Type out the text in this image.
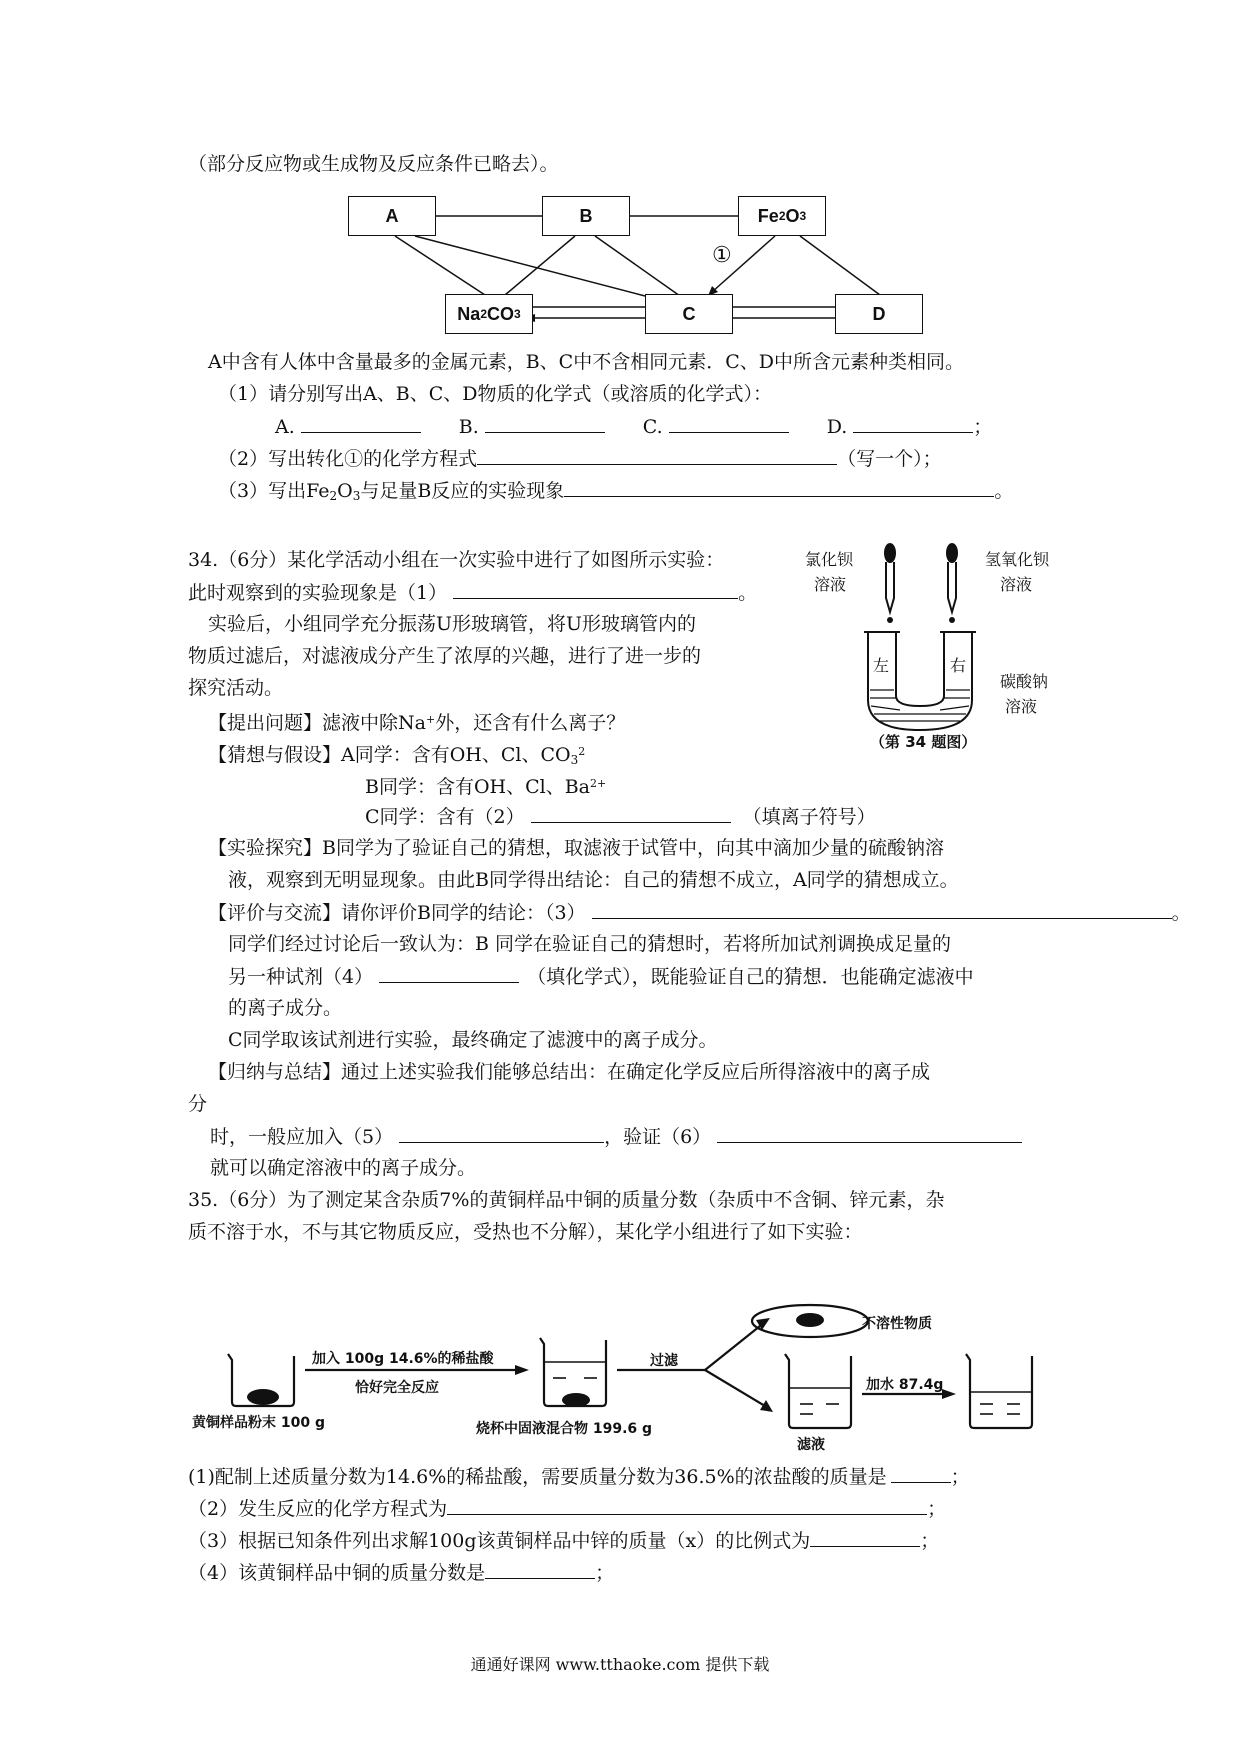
（部分反应物或生成物及反应条件已略去）。
A	B	Fe 2 O 3
Na 2 CO 3	C	D
①
A中含有人体中含量最多的金属元素，B、C中不含相同元素．C、D中所含元素种类相同。
（1）请分别写出A、B、C、D物质的化学式（或溶质的化学式）：
A.	B.	C.	D.	；
（2）写出转化①的化学方程式	（写一个）；
（3）写出$Fe_2O_3$与足量B反应的实验现象	。
34.（6分）某化学活动小组在一次实验中进行了如图所示实验：
此时观察到的实验现象是（1）	。
实验后，小组同学充分振荡U形玻璃管，将U形玻璃管内的
物质过滤后，对滤液成分产生了浓厚的兴趣，进行了进一步的
探究活动。
【提出问题】滤液中除Na+外，还含有什么离子？
【猜想与假设】A同学：含有OH、Cl、$CO_3^2$
B同学：含有OH、Cl、$Ba^{2+}$
C同学：含有（2）	（填离子符号）
【实验探究】B同学为了验证自己的猜想，取滤液于试管中，向其中滴加少量的硫酸钠溶
液，观察到无明显现象。由此B同学得出结论：自己的猜想不成立，A同学的猜想成立。
【评价与交流】请你评价B同学的结论：（3）	。
同学们经过讨论后一致认为：B 同学在验证自己的猜想时，若将所加试剂调换成足量的
另一种试剂（4）	（填化学式），既能验证自己的猜想．也能确定滤液中
的离子成分。
C同学取该试剂进行实验，最终确定了滤渡中的离子成分。
【归纳与总结】通过上述实验我们能够总结出：在确定化学反应后所得溶液中的离子成
分
时，一般应加入（5）	，验证（6）
就可以确定溶液中的离子成分。
氯化钡
溶液
氢氧化钡
溶液
左	右
碳酸钠
溶液
（第 34 题图）
35.（6分）为了测定某含杂质7%的黄铜样品中铜的质量分数（杂质中不含铜、锌元素，杂
质不溶于水，不与其它物质反应，受热也不分解），某化学小组进行了如下实验：
加入 100g 14.6%的稀盐酸
恰好完全反应
黄铜样品粉末 100 g	烧杯中固液混合物 199.6 g
过滤
不溶性物质
滤液
加水 87.4g
(1)配制上述质量分数为14.6%的稀盐酸，需要质量分数为36.5%的浓盐酸的质量是	；
（2）发生反应的化学方程式为	；
（3）根据已知条件列出求解100g该黄铜样品中锌的质量（x）的比例式为	；
（4）该黄铜样品中铜的质量分数是	；
通通好课网 www.tthaoke.com 提供下载
